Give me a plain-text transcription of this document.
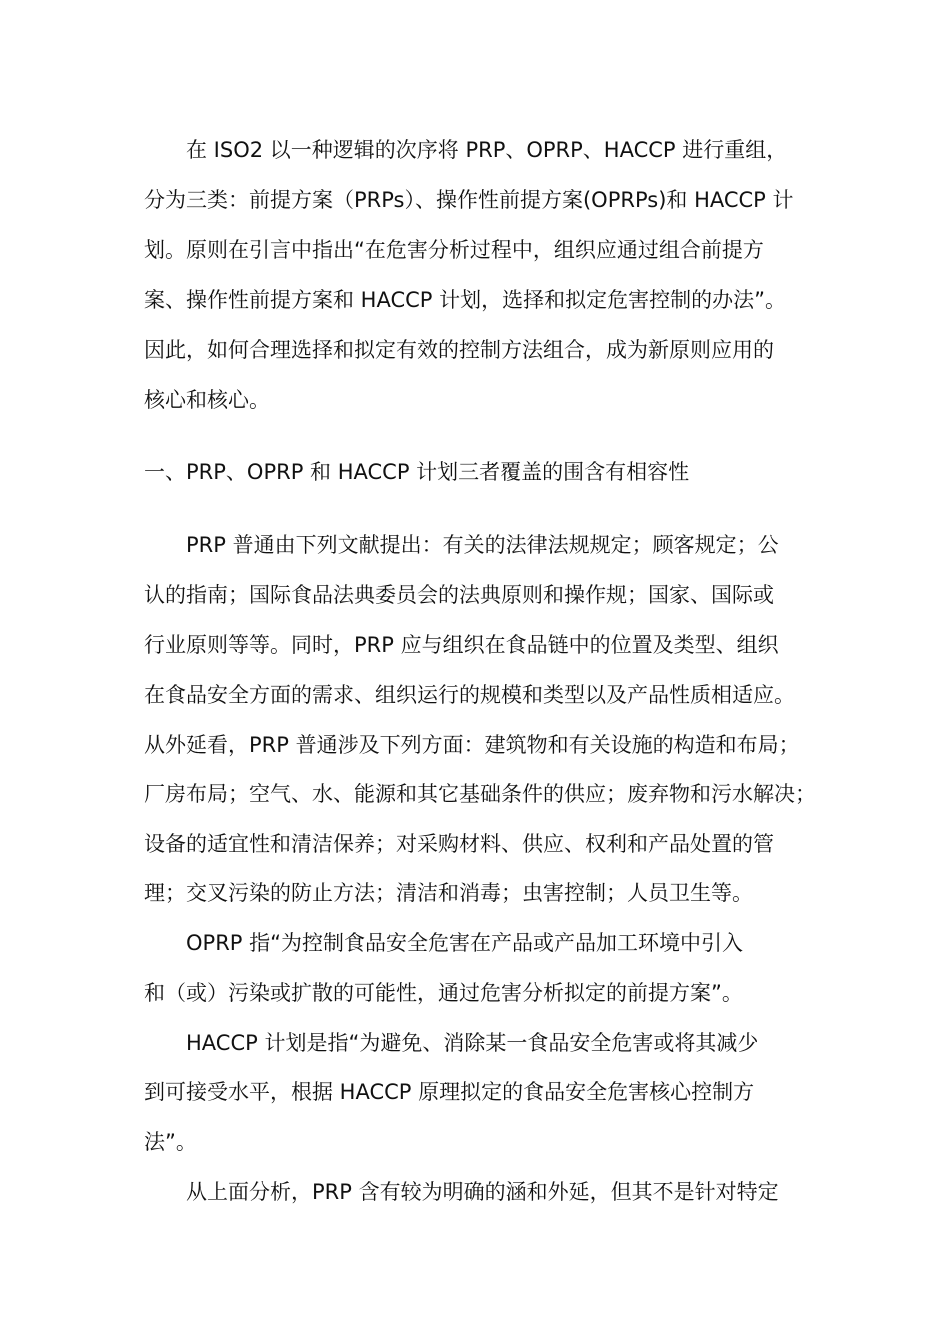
在 ISO2 以一种逻辑的次序将 PRP、OPRP、HACCP 进行重组，
分为三类：前提方案（PRPs）、操作性前提方案(OPRPs)和 HACCP 计
划。原则在引言中指出“在危害分析过程中，组织应通过组合前提方
案、操作性前提方案和 HACCP 计划，选择和拟定危害控制的办法”。
因此，如何合理选择和拟定有效的控制方法组合，成为新原则应用的
核心和核心。
一、PRP、OPRP 和 HACCP 计划三者覆盖的围含有相容性
PRP 普通由下列文献提出：有关的法律法规规定；顾客规定；公
认的指南；国际食品法典委员会的法典原则和操作规；国家、国际或
行业原则等等。同时，PRP 应与组织在食品链中的位置及类型、组织
在食品安全方面的需求、组织运行的规模和类型以及产品性质相适应。
从外延看，PRP 普通涉及下列方面：建筑物和有关设施的构造和布局；
厂房布局；空气、水、能源和其它基础条件的供应；废弃物和污水解决；
设备的适宜性和清洁保养；对采购材料、供应、权利和产品处置的管
理；交叉污染的防止方法；清洁和消毒；虫害控制；人员卫生等。
OPRP 指“为控制食品安全危害在产品或产品加工环境中引入
和（或）污染或扩散的可能性，通过危害分析拟定的前提方案”。
HACCP 计划是指“为避免、消除某一食品安全危害或将其减少
到可接受水平，根据 HACCP 原理拟定的食品安全危害核心控制方
法”。
从上面分析，PRP 含有较为明确的涵和外延，但其不是针对特定
